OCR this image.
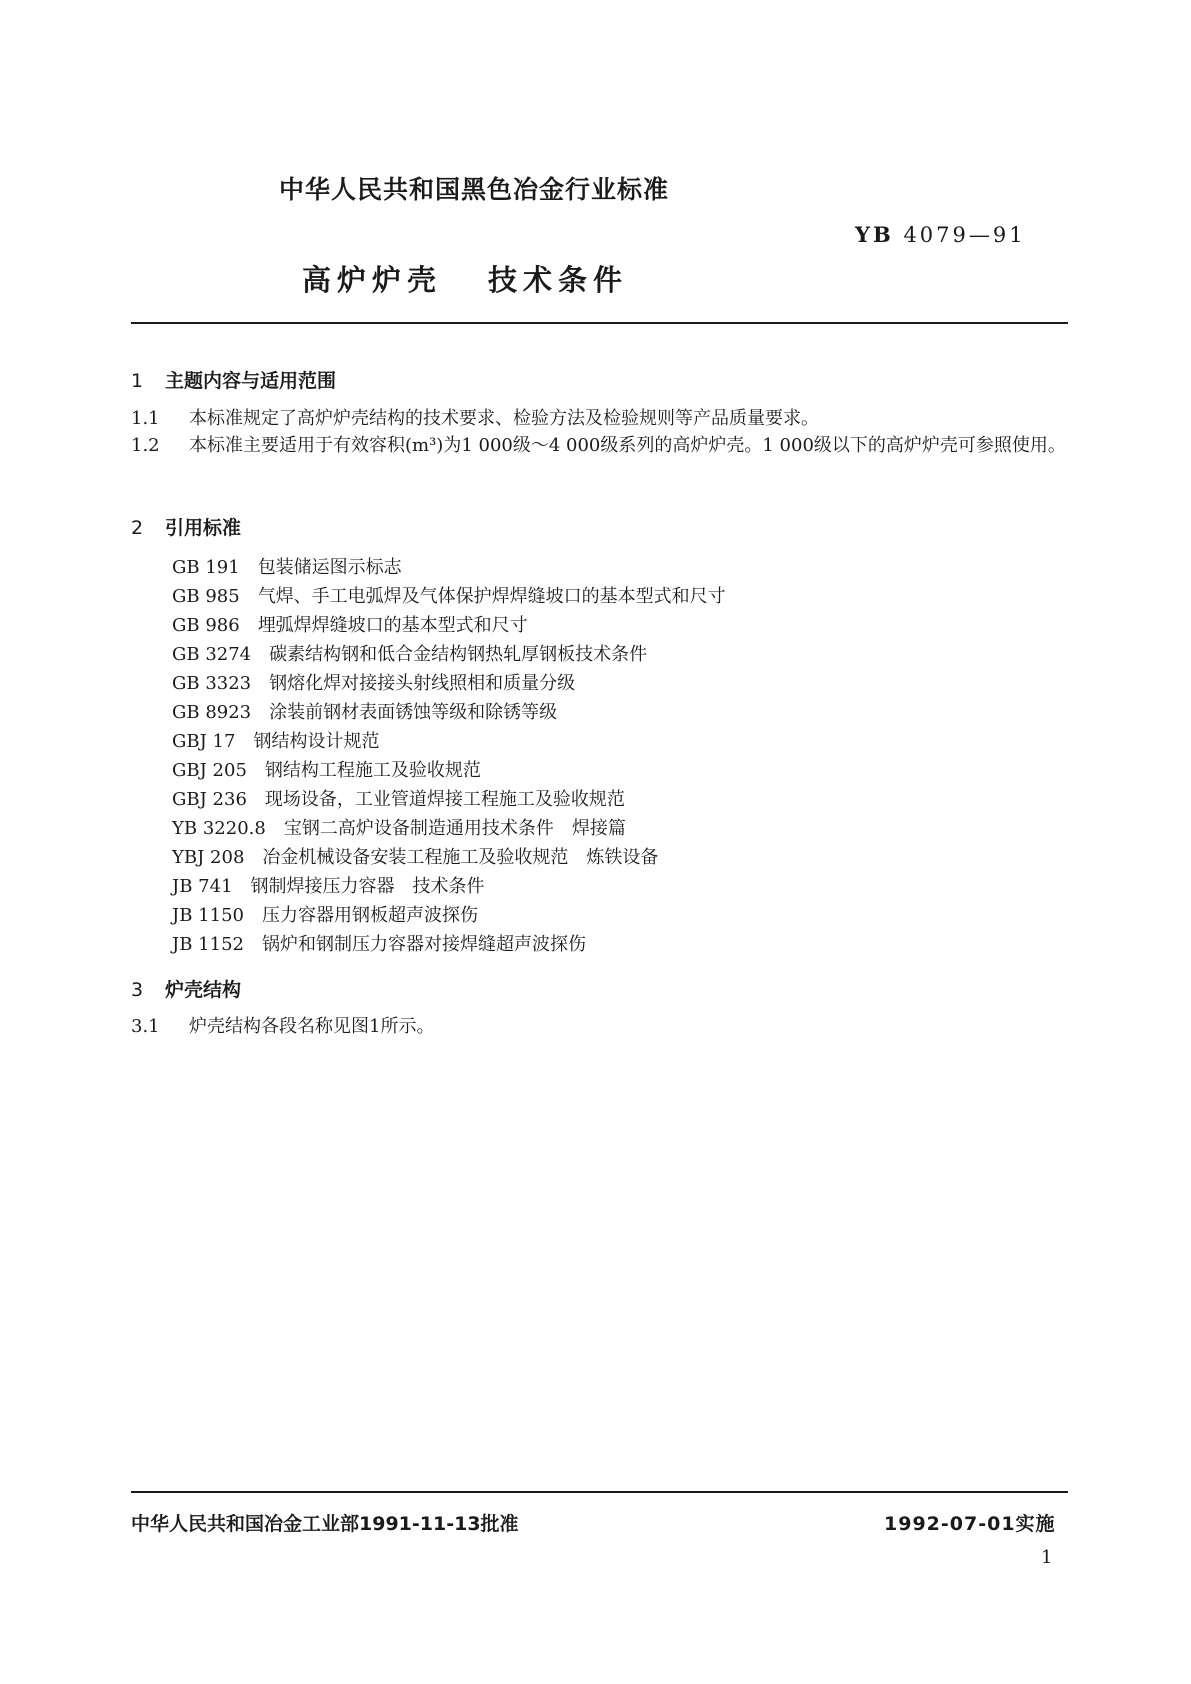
中华人民共和国黑色冶金行业标准
YB 4079—91
高炉炉壳 技术条件
1 主题内容与适用范围
1.1 本标准规定了高炉炉壳结构的技术要求、检验方法及检验规则等产品质量要求。
1.2 本标准主要适用于有效容积(m³)为1 000级～4 000级系列的高炉炉壳。1 000级以下的高炉炉壳可参照使用。
2 引用标准
GB 191 包装储运图示标志
GB 985 气焊、手工电弧焊及气体保护焊焊缝坡口的基本型式和尺寸
GB 986 埋弧焊焊缝坡口的基本型式和尺寸
GB 3274 碳素结构钢和低合金结构钢热轧厚钢板技术条件
GB 3323 钢熔化焊对接接头射线照相和质量分级
GB 8923 涂装前钢材表面锈蚀等级和除锈等级
GBJ 17 钢结构设计规范
GBJ 205 钢结构工程施工及验收规范
GBJ 236 现场设备，工业管道焊接工程施工及验收规范
YB 3220.8 宝钢二高炉设备制造通用技术条件　焊接篇
YBJ 208 冶金机械设备安装工程施工及验收规范　炼铁设备
JB 741 钢制焊接压力容器　技术条件
JB 1150 压力容器用钢板超声波探伤
JB 1152 锅炉和钢制压力容器对接焊缝超声波探伤
3 炉壳结构
3.1 炉壳结构各段名称见图1所示。
中华人民共和国冶金工业部1991-11-13批准	1992-07-01实施
1
